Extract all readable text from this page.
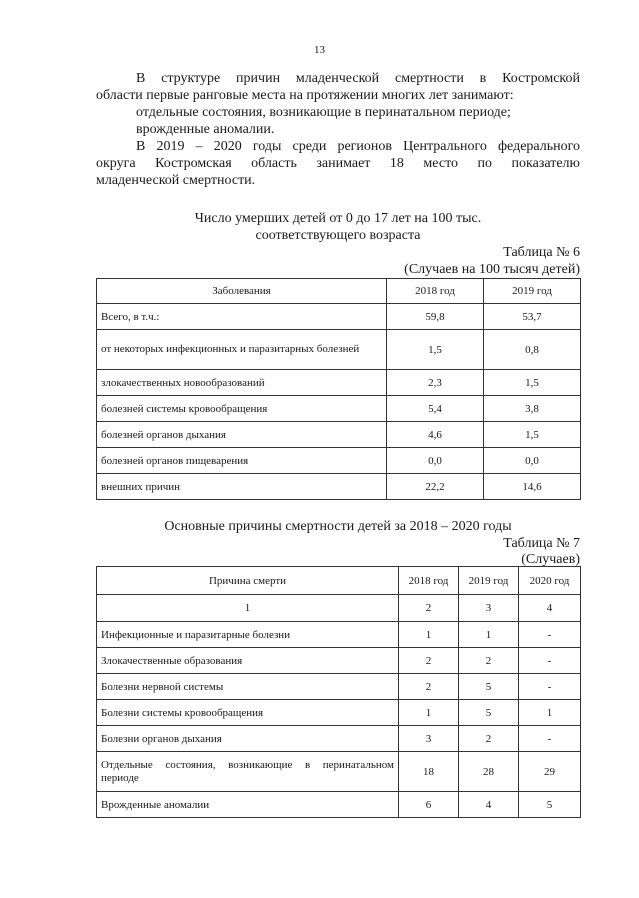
13
В структуре причин младенческой смертности в Костромской
области первые ранговые места на протяжении многих лет занимают:
отдельные состояния, возникающие в перинатальном периоде;
врожденные аномалии.
В 2019 – 2020 годы среди регионов Центрального федерального
округа Костромская область занимает 18 место по показателю
младенческой смертности.
Число умерших детей от 0 до 17 лет на 100 тыс.
соответствующего возраста
Таблица № 6
(Случаев на 100 тысяч детей)
Заболевания	2018 год	2019 год
Всего, в т.ч.:	59,8	53,7
от некоторых инфекционных и паразитарных болезней	1,5	0,8
злокачественных новообразований	2,3	1,5
болезней системы кровообращения	5,4	3,8
болезней органов дыхания	4,6	1,5
болезней органов пищеварения	0,0	0,0
внешних причин	22,2	14,6
Основные причины смертности детей за 2018 – 2020 годы
Таблица № 7
(Случаев)
Причина смерти	2018 год	2019 год	2020 год
1	2	3	4
Инфекционные и паразитарные болезни	1	1	-
Злокачественные образования	2	2	-
Болезни нервной системы	2	5	-
Болезни системы кровообращения	1	5	1
Болезни органов дыхания	3	2	-
Отдельные состояния, возникающие в перинатальном периоде	18	28	29
Врожденные аномалии	6	4	5
